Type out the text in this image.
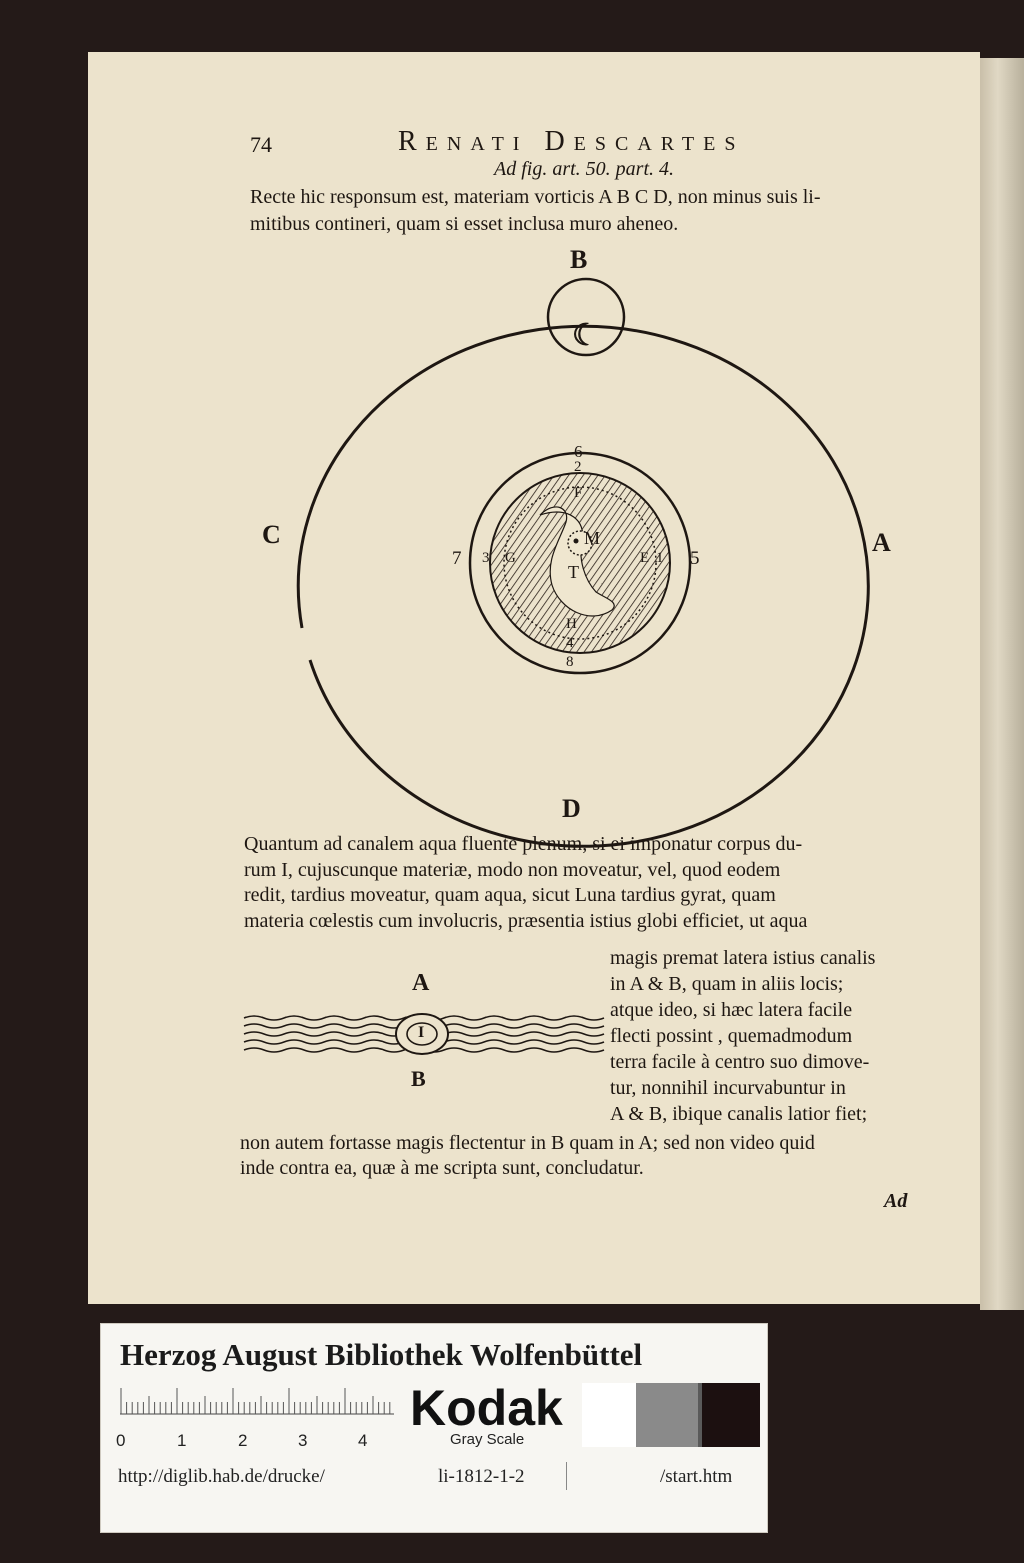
74	Renati Descartes
Ad fig. art. 50. part. 4.
Recte hic responsum est, materiam vorticis A B C D, non minus suis li-
mitibus contineri, quam si esset inclusa muro aheneo.
B
☾
C	A
D
6
2
F
M
T
7 3 G	E 1 5
H
4
8
Quantum ad canalem aqua fluente plenum, si ei imponatur corpus du-
rum I, cujuscunque materiæ, modo non moveatur, vel, quod eodem
redit, tardius moveatur, quam aqua, sicut Luna tardius gyrat, quam
materia cœlestis cum involucris, præsentia istius globi efficiet, ut aqua
A
I
B
magis premat latera istius canalis
in A & B, quam in aliis locis;
atque ideo, si hæc latera facile
flecti possint , quemadmodum
terra facile à centro suo dimove-
tur, nonnihil incurvabuntur in
A & B, ibique canalis latior fiet;
non autem fortasse magis flectentur in B quam in A; sed non video quid
inde contra ea, quæ à me scripta sunt, concludatur.
Ad
Herzog August Bibliothek Wolfenbüttel
0	1	2	3	4
Kodak
Gray Scale
http://diglib.hab.de/drucke/	li-1812-1-2	/start.htm
